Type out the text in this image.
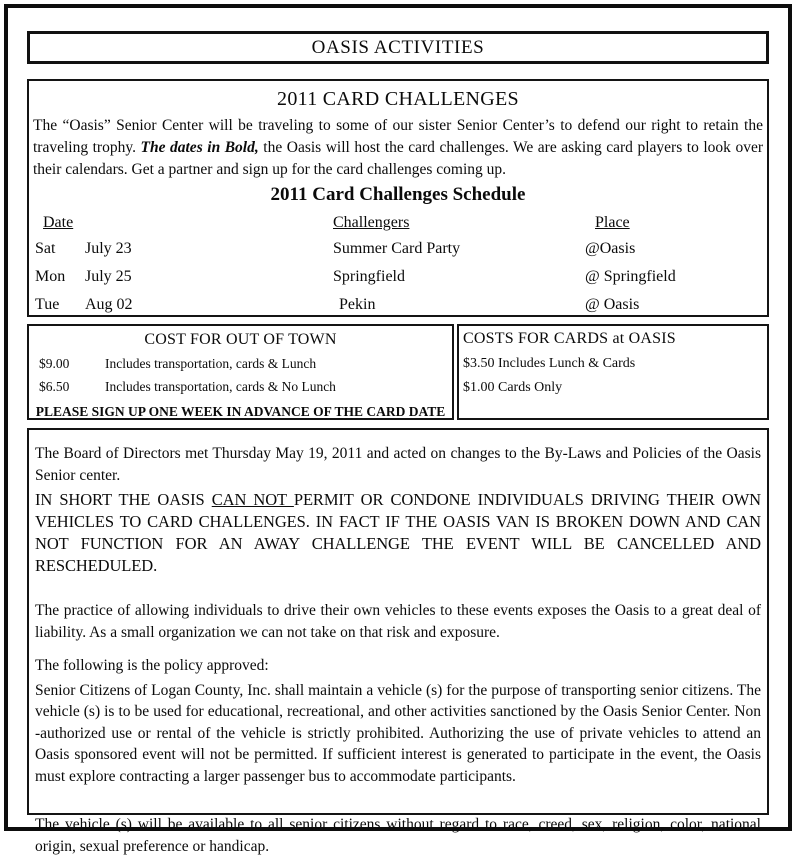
OASIS ACTIVITIES
2011 CARD CHALLENGES

The “Oasis” Senior Center will be traveling to some of our sister Senior Center’s to defend our right to retain the traveling trophy. The dates in Bold, the Oasis will host the card challenges. We are asking card players to look over their calendars. Get a partner and sign up for the card challenges coming up.

2011 Card Challenges Schedule
Date	Challengers	Place
Sat July 23	Summer Card Party	@Oasis
Mon July 25	Springfield	@ Springfield
Tue Aug 02	Pekin	@ Oasis
COST FOR OUT OF TOWN
$9.00	Includes transportation, cards & Lunch
$6.50	Includes transportation, cards & No Lunch
PLEASE SIGN UP ONE WEEK IN ADVANCE OF THE CARD DATE
COSTS FOR CARDS at OASIS
$3.50 Includes Lunch & Cards
$1.00 Cards Only

The Board of Directors met Thursday May 19, 2011 and acted on changes to the By-Laws and Policies of the Oasis Senior center.

IN SHORT THE OASIS CAN NOT PERMIT OR CONDONE INDIVIDUALS DRIVING THEIR OWN VEHICLES TO CARD CHALLENGES. IN FACT IF THE OASIS VAN IS BROKEN DOWN AND CAN NOT FUNCTION FOR AN AWAY CHALLENGE THE EVENT WILL BE CANCELLED AND RESCHEDULED.

The practice of allowing individuals to drive their own vehicles to these events exposes the Oasis to a great deal of liability. As a small organization we can not take on that risk and exposure.

The following is the policy approved:

Senior Citizens of Logan County, Inc. shall maintain a vehicle (s) for the purpose of transporting senior citizens. The vehicle (s) is to be used for educational, recreational, and other activities sanctioned by the Oasis Senior Center. Non -authorized use or rental of the vehicle is strictly prohibited. Authorizing the use of private vehicles to attend an Oasis sponsored event will not be permitted. If sufficient interest is generated to participate in the event, the Oasis must explore contracting a larger passenger bus to accommodate participants.

The vehicle (s) will be available to all senior citizens without regard to race, creed, sex, religion, color, national origin, sexual preference or handicap.
